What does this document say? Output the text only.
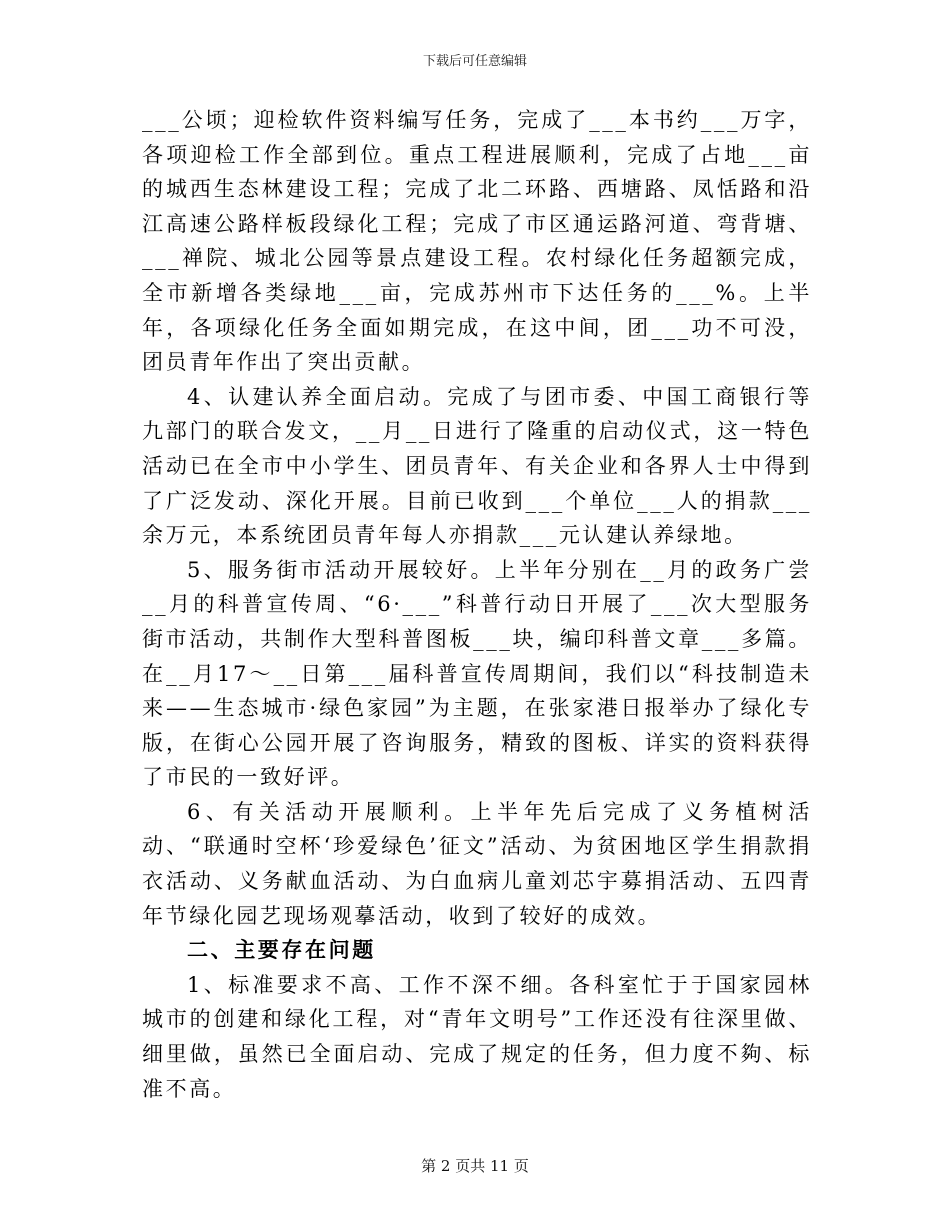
下载后可任意编辑

___公顷；迎检软件资料编写任务，完成了___本书约___万字，各项迎检工作全部到位。重点工程进展顺利，完成了占地___亩的城西生态林建设工程；完成了北二环路、西塘路、凤恬路和沿江高速公路样板段绿化工程；完成了市区通运路河道、弯背塘、___禅院、城北公园等景点建设工程。农村绿化任务超额完成，全市新增各类绿地___亩，完成苏州市下达任务的___%。上半年，各项绿化任务全面如期完成，在这中间，团___功不可没，团员青年作出了突出贡献。

4、认建认养全面启动。完成了与团市委、中国工商银行等九部门的联合发文，__月__日进行了隆重的启动仪式，这一特色活动已在全市中小学生、团员青年、有关企业和各界人士中得到了广泛发动、深化开展。目前已收到___个单位___人的捐款___余万元，本系统团员青年每人亦捐款___元认建认养绿地。

5、服务街市活动开展较好。上半年分别在__月的政务广尝__月的科普宣传周、“6·___”科普行动日开展了___次大型服务街市活动，共制作大型科普图板___块，编印科普文章___多篇。在__月17～__日第___届科普宣传周期间，我们以“科技制造未来——生态城市·绿色家园”为主题，在张家港日报举办了绿化专版，在街心公园开展了咨询服务，精致的图板、详实的资料获得了市民的一致好评。

6、有关活动开展顺利。上半年先后完成了义务植树活动、“联通时空杯‘珍爱绿色’征文”活动、为贫困地区学生捐款捐衣活动、义务献血活动、为白血病儿童刘芯宇募捐活动、五四青年节绿化园艺现场观摹活动，收到了较好的成效。

二、主要存在问题

1、标准要求不高、工作不深不细。各科室忙于于国家园林城市的创建和绿化工程，对“青年文明号”工作还没有往深里做、细里做，虽然已全面启动、完成了规定的任务，但力度不夠、标准不高。

第 2 页共 11 页
